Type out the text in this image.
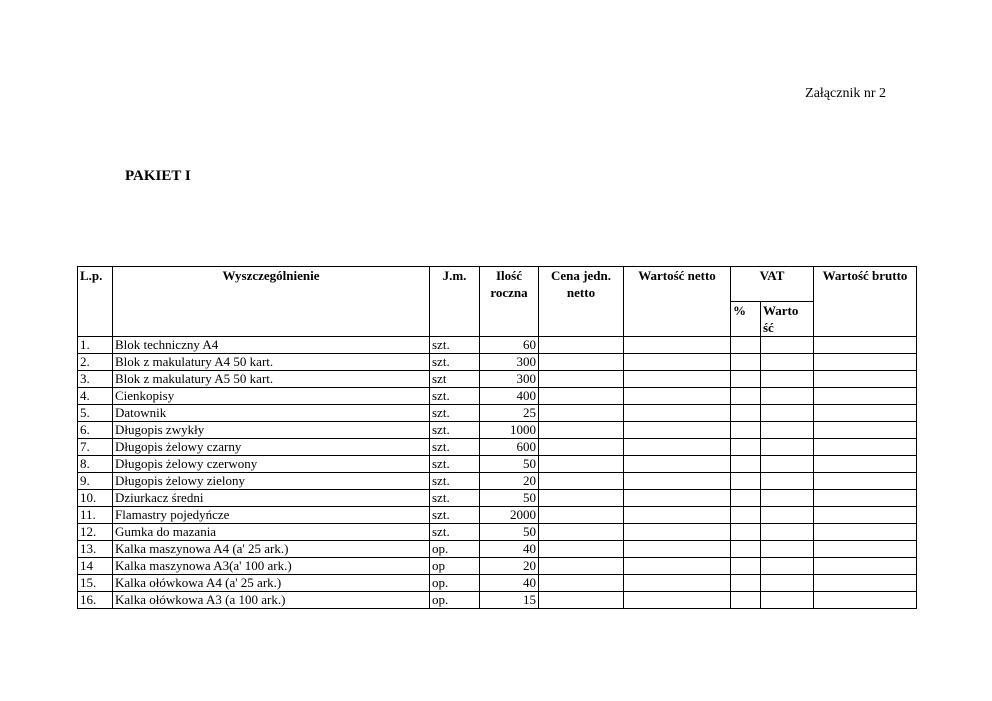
Załącznik nr 2
PAKIET I
L.p.	Wyszczególnienie	J.m.	Ilość roczna	Cena jedn. netto	Wartość netto	VAT		Wartość brutto
						%	Warto ść	
1.	Blok techniczny A4	szt.	60					
2.	Blok z makulatury A4 50 kart.	szt.	300					
3.	Blok z makulatury A5 50 kart.	szt	300					
4.	Cienkopisy	szt.	400					
5.	Datownik	szt.	25					
6.	Długopis zwykły	szt.	1000					
7.	Długopis żelowy czarny	szt.	600					
8.	Długopis żelowy czerwony	szt.	50					
9.	Długopis żelowy zielony	szt.	20					
10.	Dziurkacz średni	szt.	50					
11.	Flamastry pojedyńcze	szt.	2000					
12.	Gumka do mazania	szt.	50					
13.	Kalka maszynowa A4 (a' 25 ark.)	op.	40					
14	Kalka maszynowa A3(a' 100 ark.)	op	20					
15.	Kalka ołówkowa A4 (a' 25 ark.)	op.	40					
16.	Kalka ołówkowa A3 (a 100 ark.)	op.	15					
